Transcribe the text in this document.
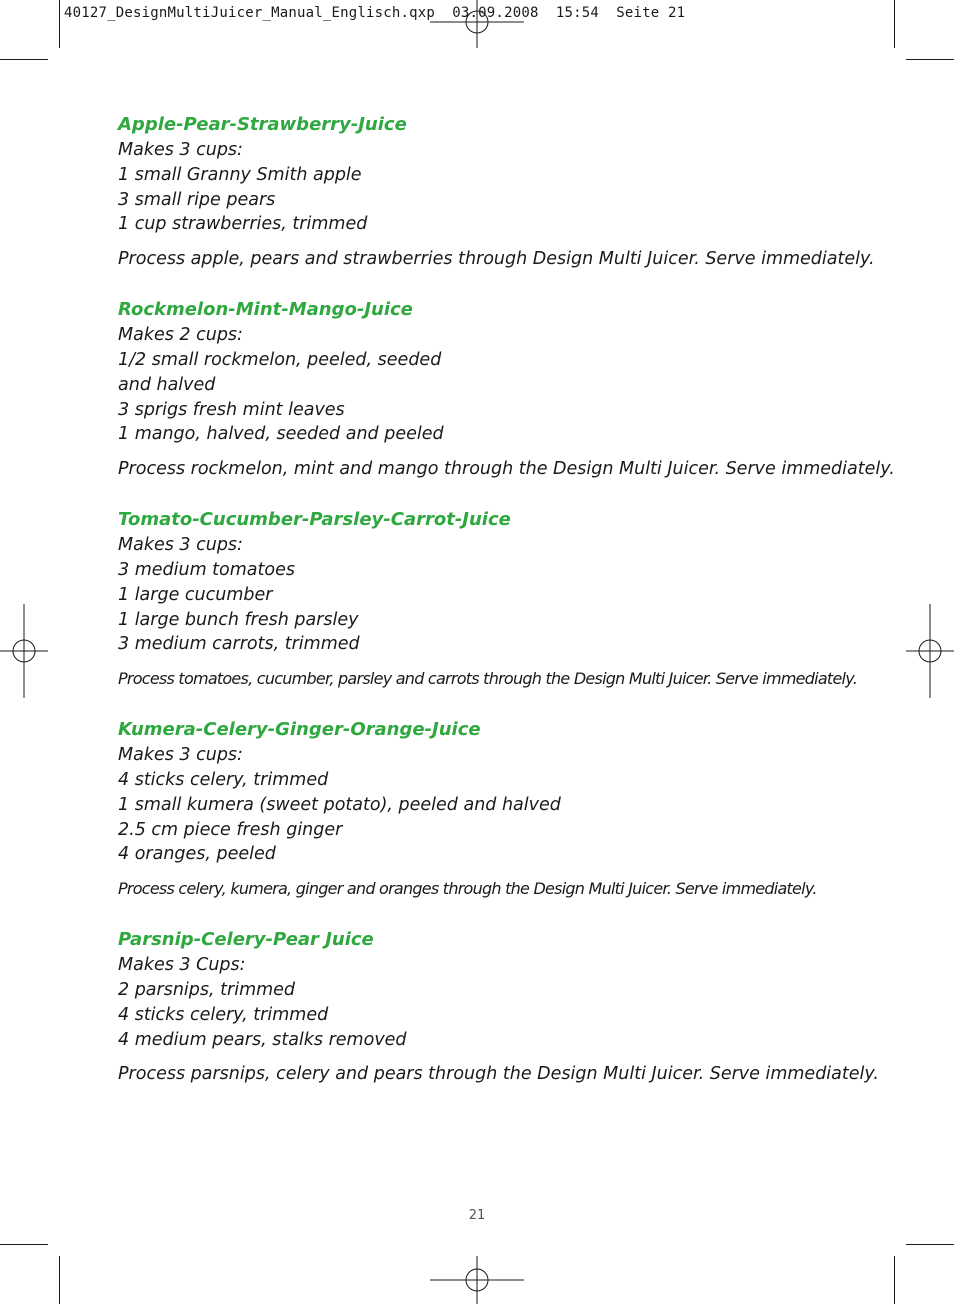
40127_DesignMultiJuicer_Manual_Englisch.qxp  03.09.2008  15:54  Seite 21
Apple-Pear-Strawberry-Juice
Makes 3 cups:
1 small Granny Smith apple
3 small ripe pears
1 cup strawberries, trimmed
Process apple, pears and strawberries through Design Multi Juicer. Serve immediately.
Rockmelon-Mint-Mango-Juice
Makes 2 cups:
1/2 small rockmelon, peeled, seeded
and halved
3 sprigs fresh mint leaves
1 mango, halved, seeded and peeled
Process rockmelon, mint and mango through the Design Multi Juicer. Serve immediately.
Tomato-Cucumber-Parsley-Carrot-Juice
Makes 3 cups:
3 medium tomatoes
1 large cucumber
1 large bunch fresh parsley
3 medium carrots, trimmed
Process tomatoes, cucumber, parsley and carrots through the Design Multi Juicer. Serve immediately.
Kumera-Celery-Ginger-Orange-Juice
Makes 3 cups:
4 sticks celery, trimmed
1 small kumera (sweet potato), peeled and halved
2.5 cm piece fresh ginger
4 oranges, peeled
Process celery, kumera, ginger and oranges through the Design Multi Juicer. Serve immediately.
Parsnip-Celery-Pear Juice
Makes 3 Cups:
2 parsnips, trimmed
4 sticks celery, trimmed
4 medium pears, stalks removed
Process parsnips, celery and pears through the Design Multi Juicer. Serve immediately.
21
